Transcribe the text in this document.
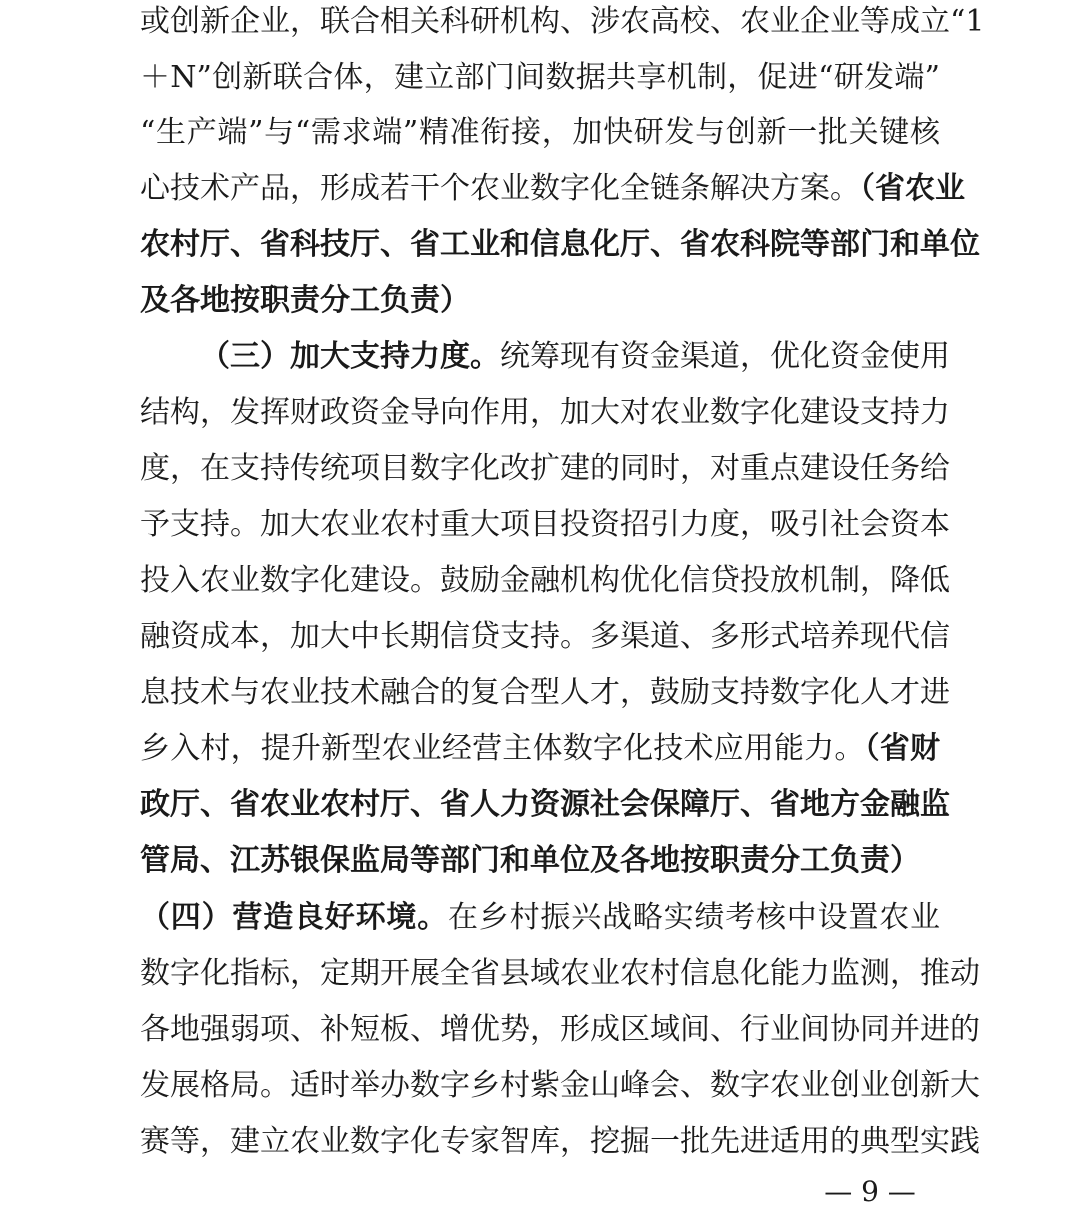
或创新企业，联合相关科研机构、涉农高校、农业企业等成立“1
＋N”创新联合体，建立部门间数据共享机制，促进“研发端”
“生产端”与“需求端”精准衔接，加快研发与创新一批关键核
心技术产品，形成若干个农业数字化全链条解决方案。（省农业
农村厅、省科技厅、省工业和信息化厅、省农科院等部门和单位
及各地按职责分工负责）
（三）加大支持力度。统筹现有资金渠道，优化资金使用
结构，发挥财政资金导向作用，加大对农业数字化建设支持力
度，在支持传统项目数字化改扩建的同时，对重点建设任务给
予支持。加大农业农村重大项目投资招引力度，吸引社会资本
投入农业数字化建设。鼓励金融机构优化信贷投放机制，降低
融资成本，加大中长期信贷支持。多渠道、多形式培养现代信
息技术与农业技术融合的复合型人才，鼓励支持数字化人才进
乡入村，提升新型农业经营主体数字化技术应用能力。（省财
政厅、省农业农村厅、省人力资源社会保障厅、省地方金融监
管局、江苏银保监局等部门和单位及各地按职责分工负责）
（四）营造良好环境。在乡村振兴战略实绩考核中设置农业
数字化指标，定期开展全省县域农业农村信息化能力监测，推动
各地强弱项、补短板、增优势，形成区域间、行业间协同并进的
发展格局。适时举办数字乡村紫金山峰会、数字农业创业创新大
赛等，建立农业数字化专家智库，挖掘一批先进适用的典型实践
— 9 —
